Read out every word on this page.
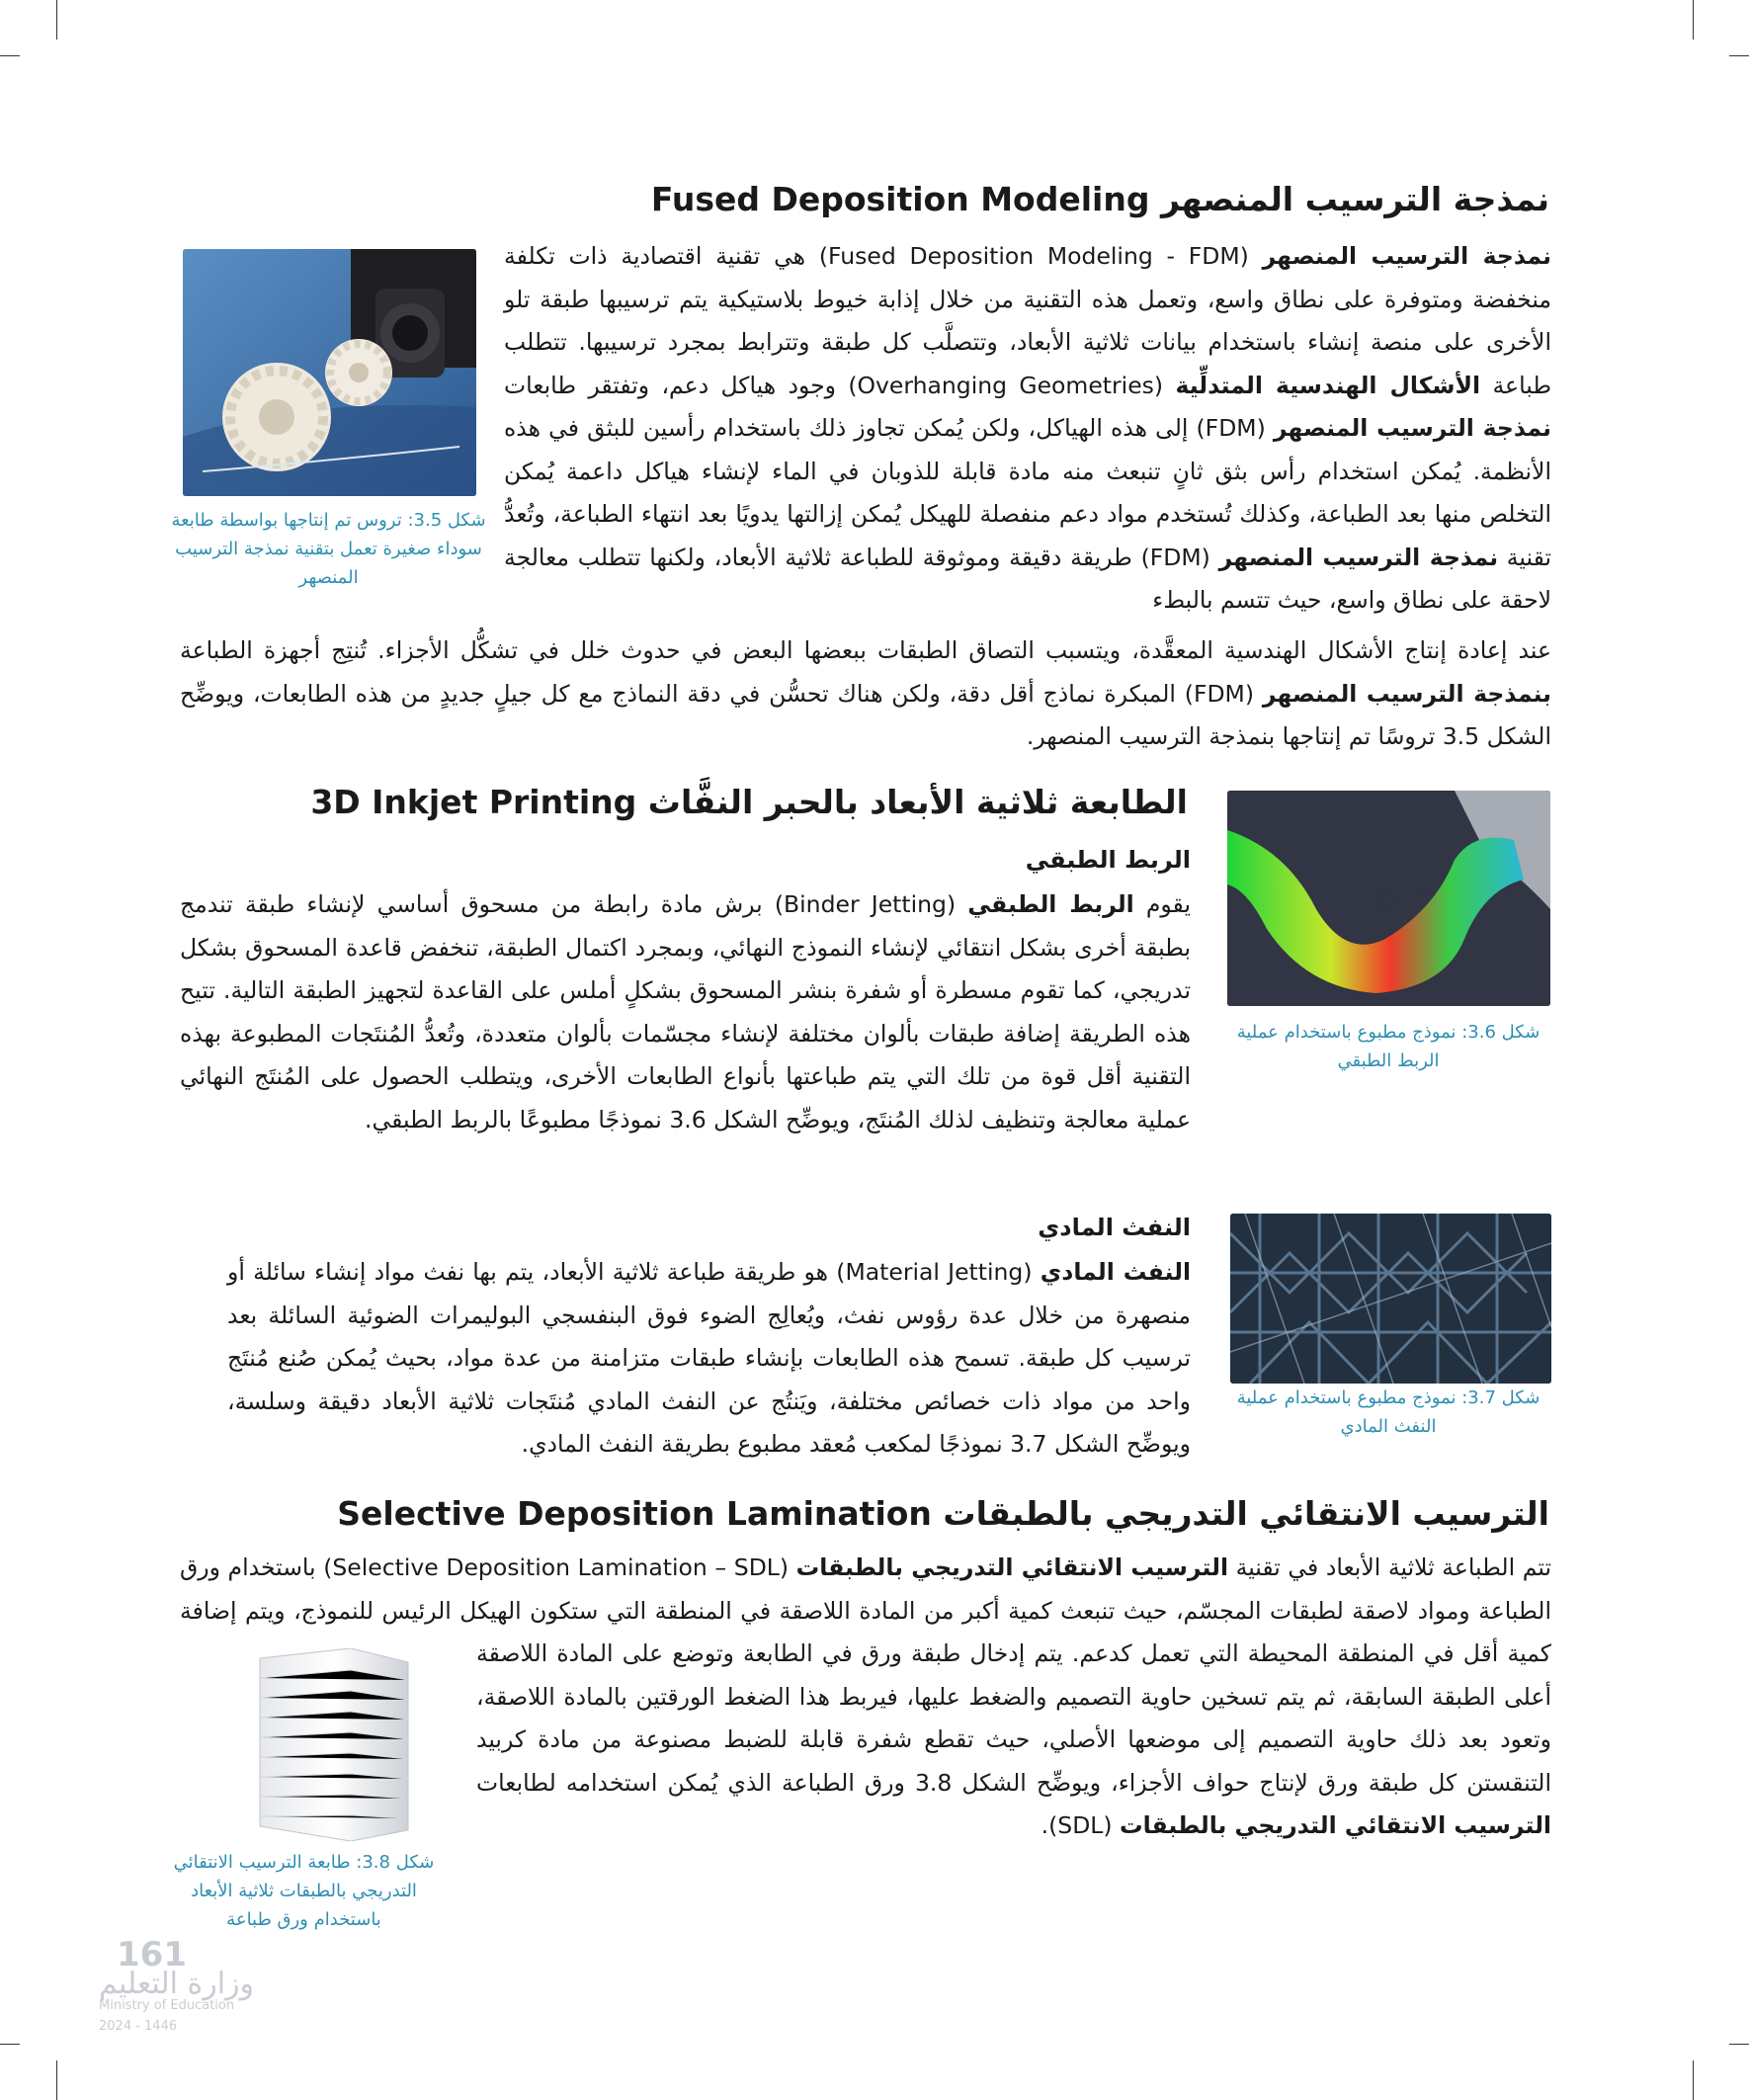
نمذجة الترسيب المنصهر Fused Deposition Modeling
شكل 3.5: تروس تم إنتاجها بواسطة طابعة سوداء صغيرة تعمل بتقنية نمذجة الترسيب المنصهر
نمذجة الترسيب المنصهر (Fused Deposition Modeling - FDM) هي تقنية اقتصادية ذات تكلفة منخفضة ومتوفرة على نطاق واسع، وتعمل هذه التقنية من خلال إذابة خيوط بلاستيكية يتم ترسيبها طبقة تلو الأخرى على منصة إنشاء باستخدام بيانات ثلاثية الأبعاد، وتتصلَّب كل طبقة وتترابط بمجرد ترسيبها. تتطلب طباعة الأشكال الهندسية المتدلِّية (Overhanging Geometries) وجود هياكل دعم، وتفتقر طابعات نمذجة الترسيب المنصهر (FDM) إلى هذه الهياكل، ولكن يُمكن تجاوز ذلك باستخدام رأسين للبثق في هذه الأنظمة. يُمكن استخدام رأس بثق ثانٍ تنبعث منه مادة قابلة للذوبان في الماء لإنشاء هياكل داعمة يُمكن التخلص منها بعد الطباعة، وكذلك تُستخدم مواد دعم منفصلة للهيكل يُمكن إزالتها يدويًا بعد انتهاء الطباعة، وتُعدُّ تقنية نمذجة الترسيب المنصهر (FDM) طريقة دقيقة وموثوقة للطباعة ثلاثية الأبعاد، ولكنها تتطلب معالجة لاحقة على نطاق واسع، حيث تتسم بالبطء
عند إعادة إنتاج الأشكال الهندسية المعقَّدة، ويتسبب التصاق الطبقات ببعضها البعض في حدوث خلل في تشكُّل الأجزاء. تُنتِج أجهزة الطباعة بنمذجة الترسيب المنصهر (FDM) المبكرة نماذج أقل دقة، ولكن هناك تحسُّن في دقة النماذج مع كل جيلٍ جديدٍ من هذه الطابعات، ويوضِّح الشكل 3.5 تروسًا تم إنتاجها بنمذجة الترسيب المنصهر.
الطابعة ثلاثية الأبعاد بالحبر النفَّاث 3D Inkjet Printing
شكل 3.6: نموذج مطبوع باستخدام عملية الربط الطبقي
الربط الطبقي
يقوم الربط الطبقي (Binder Jetting) برش مادة رابطة من مسحوق أساسي لإنشاء طبقة تندمج بطبقة أخرى بشكل انتقائي لإنشاء النموذج النهائي، وبمجرد اكتمال الطبقة، تنخفض قاعدة المسحوق بشكل تدريجي، كما تقوم مسطرة أو شفرة بنشر المسحوق بشكلٍ أملس على القاعدة لتجهيز الطبقة التالية. تتيح هذه الطريقة إضافة طبقات بألوان مختلفة لإنشاء مجسّمات بألوان متعددة، وتُعدُّ المُنتَجات المطبوعة بهذه التقنية أقل قوة من تلك التي يتم طباعتها بأنواع الطابعات الأخرى، ويتطلب الحصول على المُنتَج النهائي عملية معالجة وتنظيف لذلك المُنتَج، ويوضِّح الشكل 3.6 نموذجًا مطبوعًا بالربط الطبقي.
شكل 3.7: نموذج مطبوع باستخدام عملية النفث المادي
النفث المادي
النفث المادي (Material Jetting) هو طريقة طباعة ثلاثية الأبعاد، يتم بها نفث مواد إنشاء سائلة أو منصهرة من خلال عدة رؤوس نفث، ويُعالِج الضوء فوق البنفسجي البوليمرات الضوئية السائلة بعد ترسيب كل طبقة. تسمح هذه الطابعات بإنشاء طبقات متزامنة من عدة مواد، بحيث يُمكن صُنع مُنتَج واحد من مواد ذات خصائص مختلفة، ويَنتُج عن النفث المادي مُنتَجات ثلاثية الأبعاد دقيقة وسلسة، ويوضِّح الشكل 3.7 نموذجًا لمكعب مُعقد مطبوع بطريقة النفث المادي.
الترسيب الانتقائي التدريجي بالطبقات Selective Deposition Lamination
شكل 3.8: طابعة الترسيب الانتقائي التدريجي بالطبقات ثلاثية الأبعاد باستخدام ورق طباعة
تتم الطباعة ثلاثية الأبعاد في تقنية الترسيب الانتقائي التدريجي بالطبقات (Selective Deposition Lamination – SDL) باستخدام ورق الطباعة ومواد لاصقة لطبقات المجسّم، حيث تنبعث كمية أكبر من المادة اللاصقة في المنطقة التي ستكون الهيكل الرئيس للنموذج، ويتم إضافة كمية أقل في المنطقة المحيطة التي تعمل كدعم. يتم إدخال طبقة ورق في الطابعة وتوضع على المادة اللاصقة أعلى الطبقة السابقة، ثم يتم تسخين حاوية التصميم والضغط عليها، فيربط هذا الضغط الورقتين بالمادة اللاصقة، وتعود بعد ذلك حاوية التصميم إلى موضعها الأصلي، حيث تقطع شفرة قابلة للضبط مصنوعة من مادة كربيد التنقستن كل طبقة ورق لإنتاج حواف الأجزاء، ويوضِّح الشكل 3.8 ورق الطباعة الذي يُمكن استخدامه لطابعات الترسيب الانتقائي التدريجي بالطبقات (SDL).
161
وزارة التعليم
Ministry of Education
2024 - 1446
